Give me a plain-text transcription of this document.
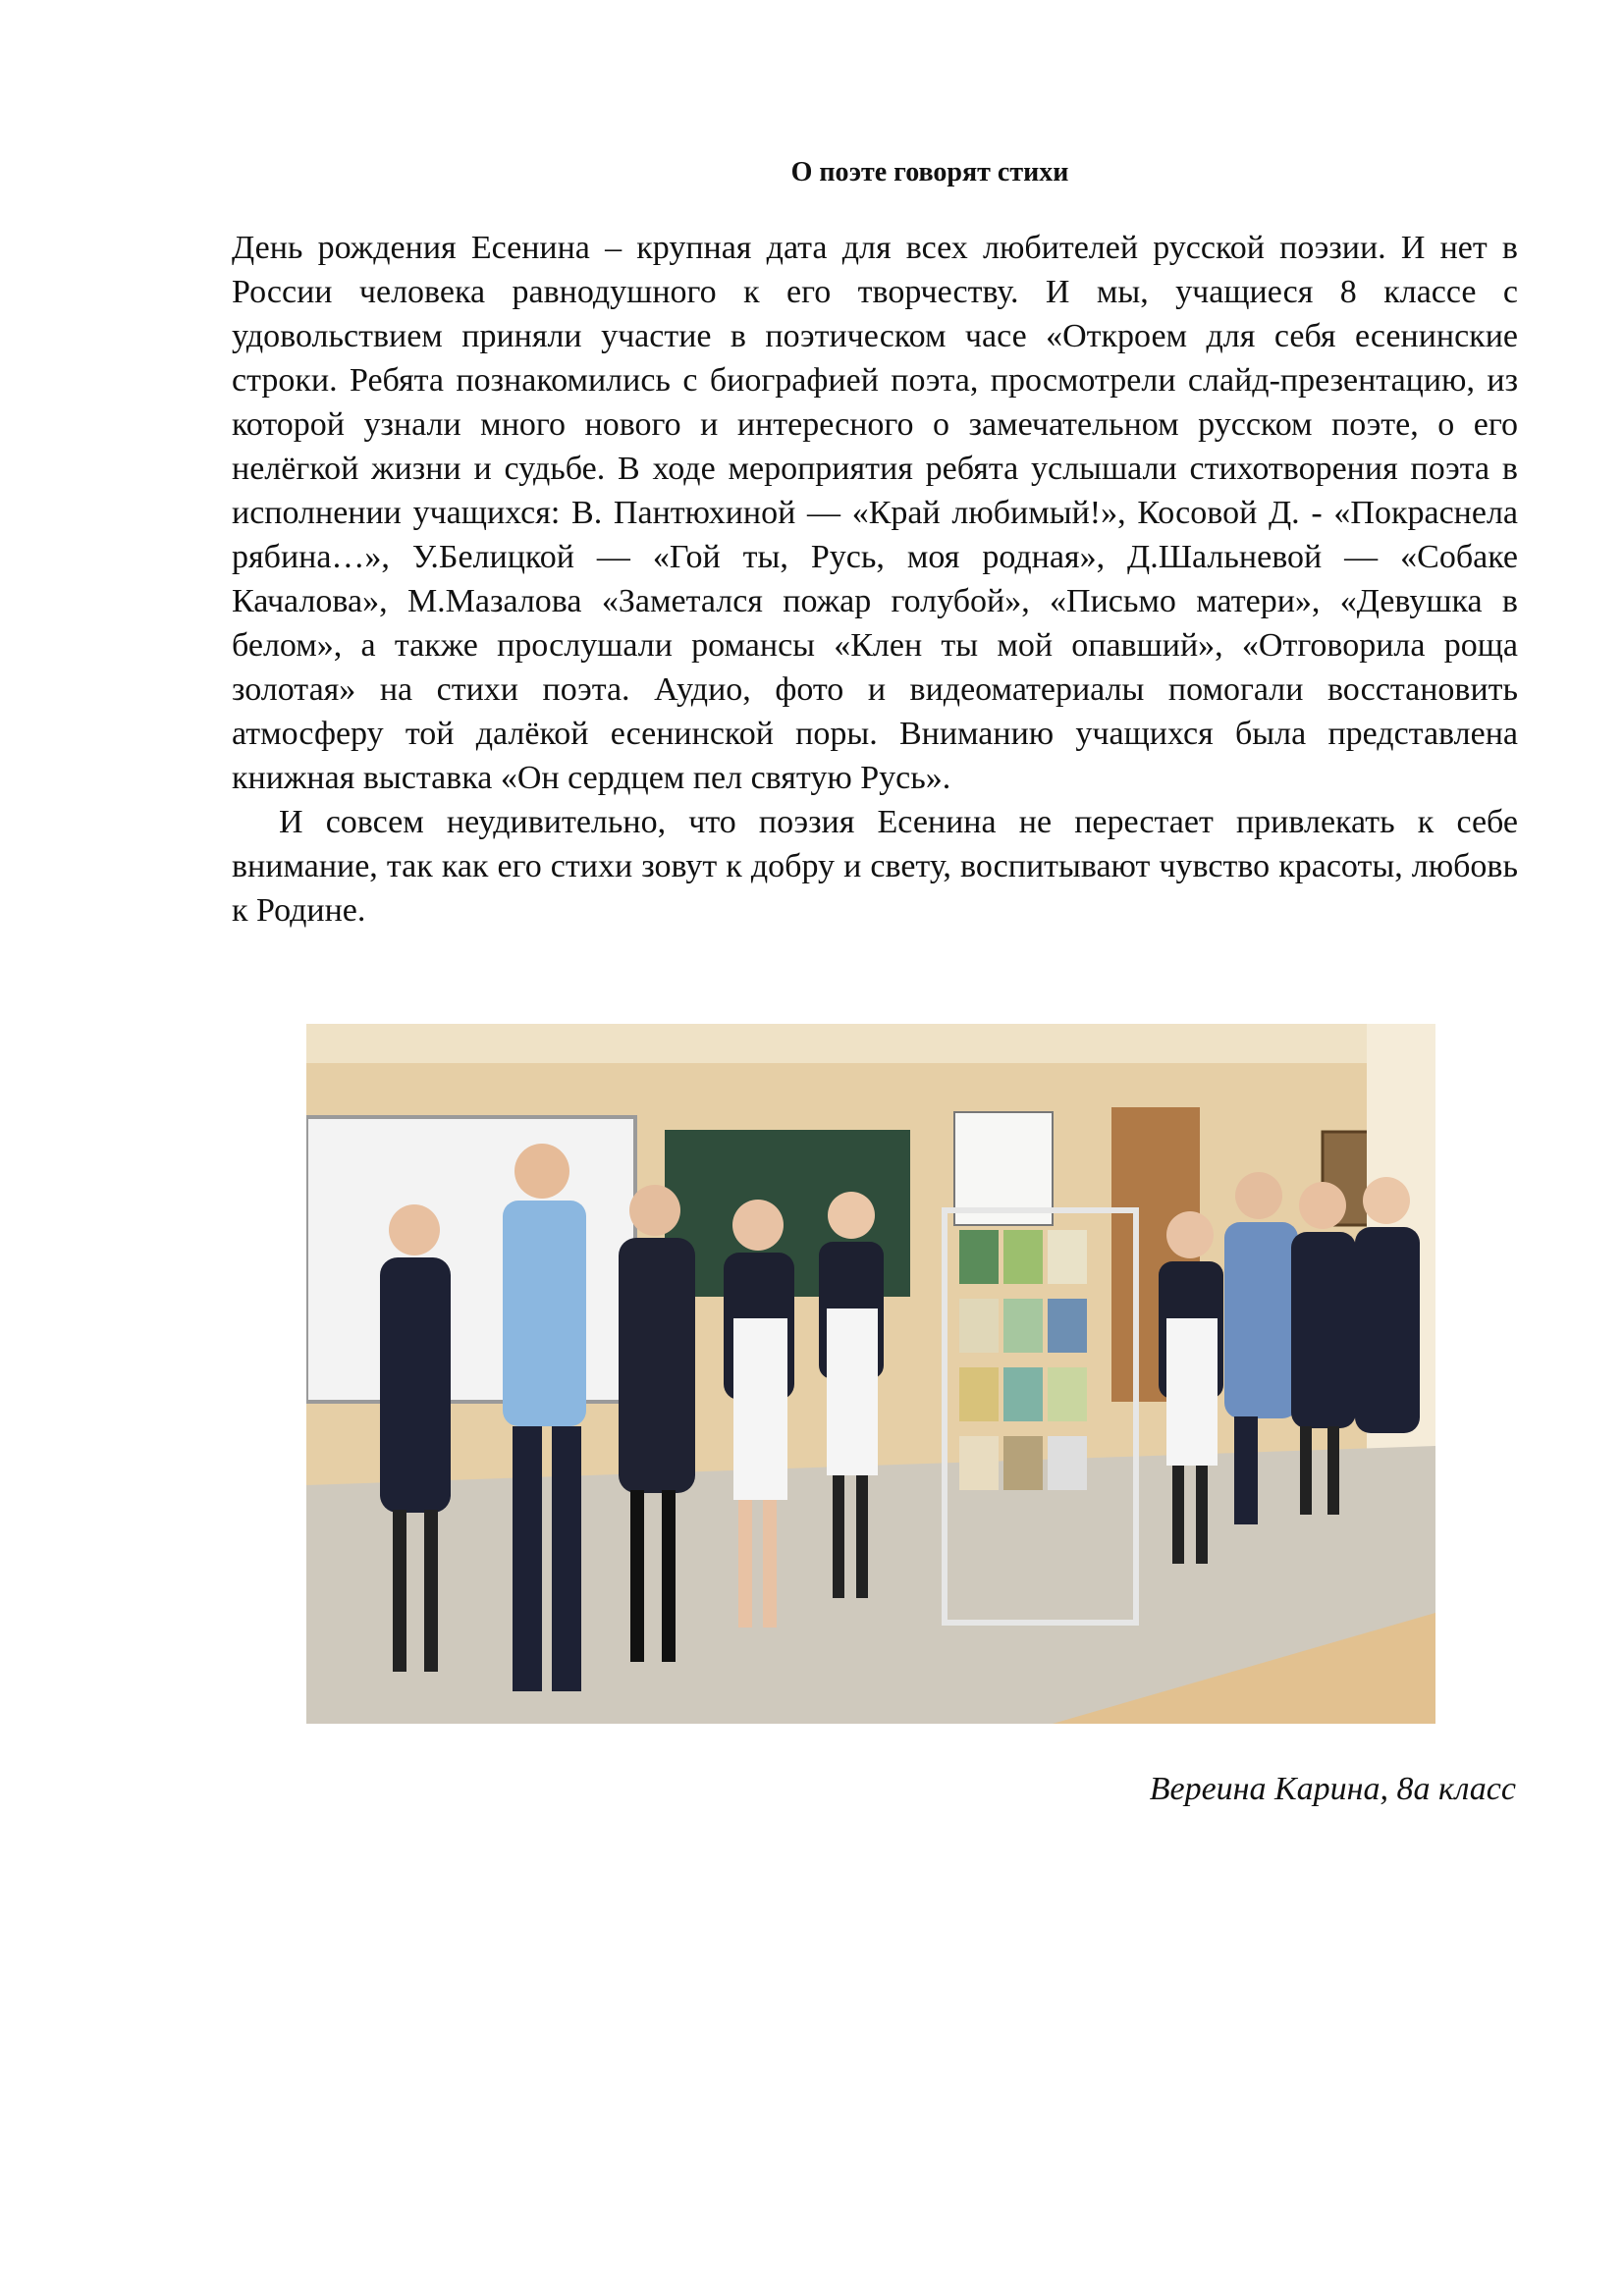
О поэте говорят стихи

День рождения Есенина – крупная дата для всех любителей русской поэзии. И нет в России человека равнодушного к его творчеству. И мы, учащиеся 8 классе с удовольствием приняли участие в поэтическом часе «Откроем для себя есенинские строки. Ребята познакомились с биографией поэта, просмотрели слайд-презентацию, из которой узнали много нового и интересного о замечательном русском поэте, о его нелёгкой жизни и судьбе. В ходе мероприятия ребята услышали стихотворения поэта в исполнении учащихся: В. Пантюхиной — «Край любимый!», Косовой Д. - «Покраснела рябина…», У.Белицкой — «Гой ты, Русь, моя родная», Д.Шальневой — «Собаке Качалова», М.Мазалова «Заметался пожар голубой», «Письмо матери», «Девушка в белом», а также прослушали романсы «Клен ты мой опавший», «Отговорила роща золотая» на стихи поэта. Аудио, фото и видеоматериалы помогали восстановить атмосферу той далёкой есенинской поры. Вниманию учащихся была представлена книжная выставка «Он сердцем пел святую Русь».

И совсем неудивительно, что поэзия Есенина не перестает привлекать к себе внимание, так как его стихи зовут к добру и свету, воспитывают чувство красоты, любовь к Родине.

Вереина Карина, 8а класс
